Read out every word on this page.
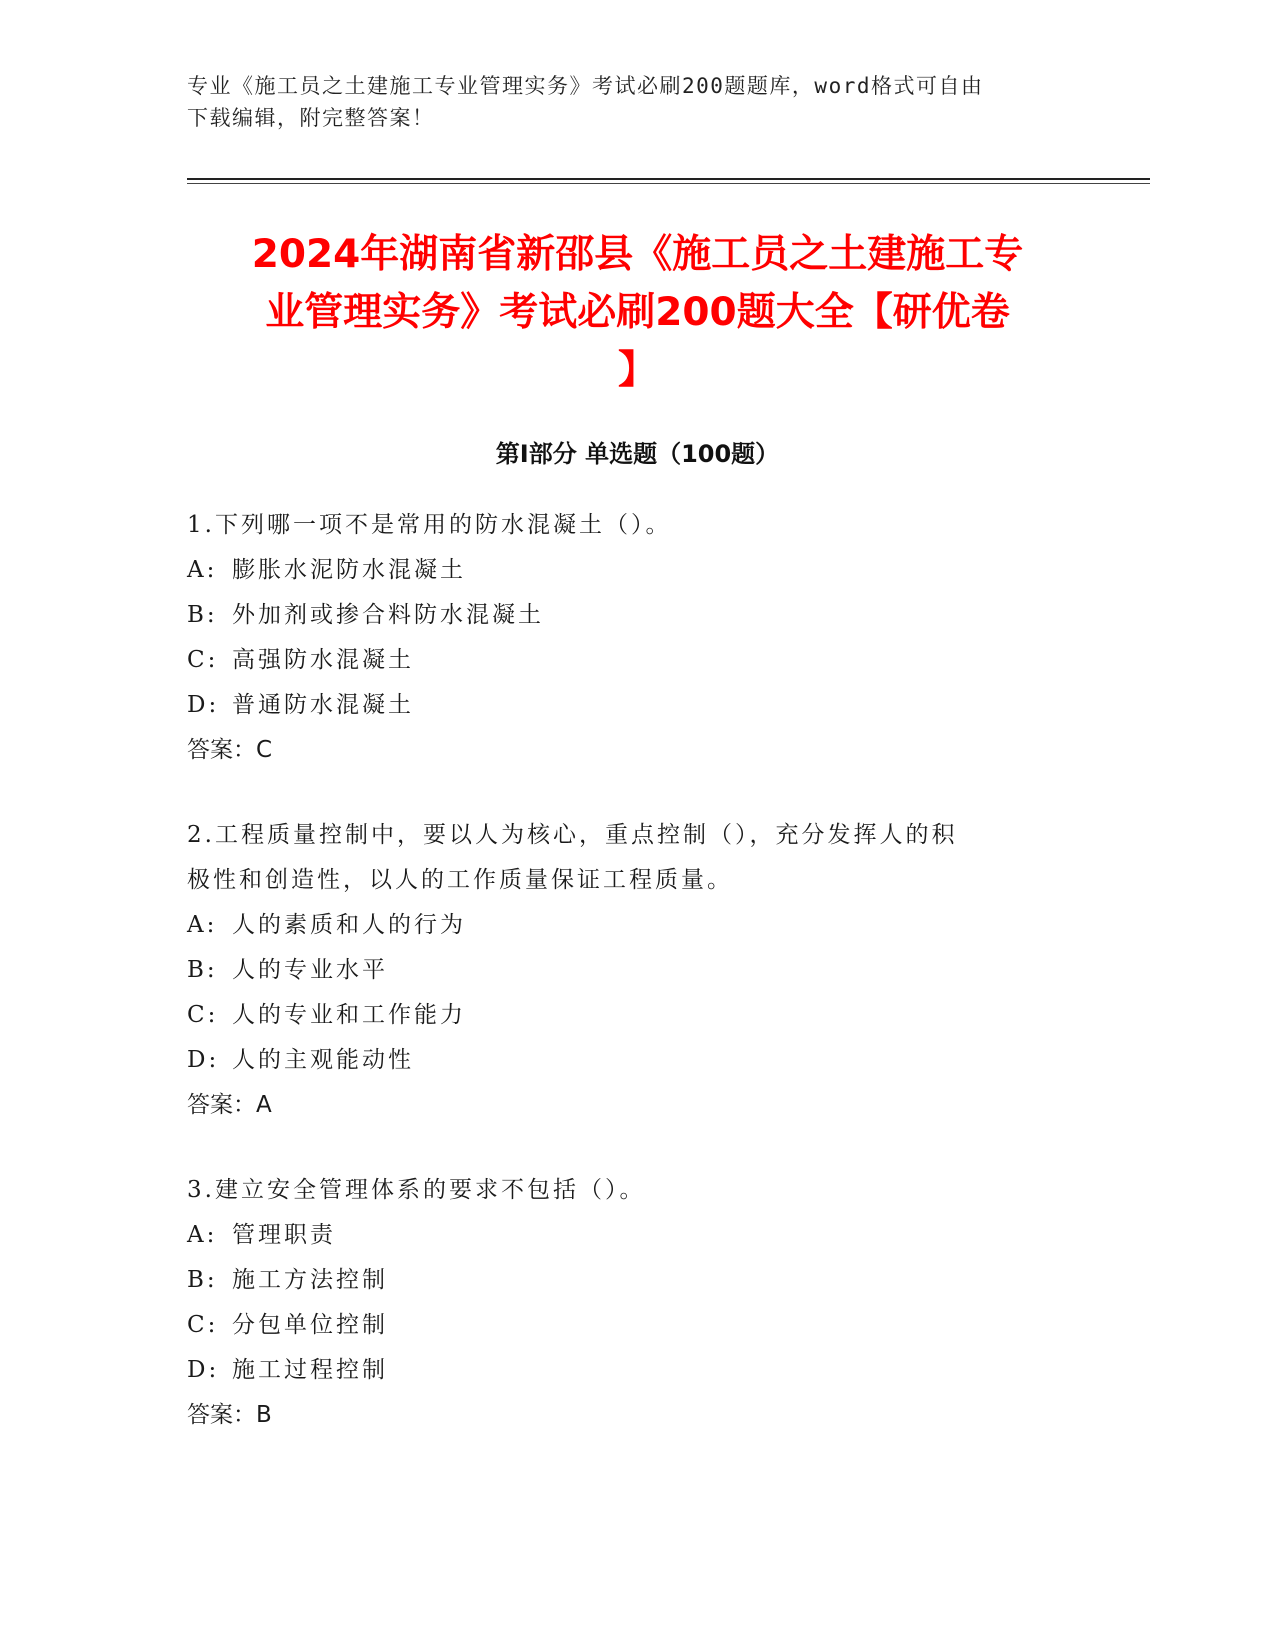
专业《施工员之土建施工专业管理实务》考试必刷200题题库，word格式可自由
下载编辑，附完整答案！
2024年湖南省新邵县《施工员之土建施工专
业管理实务》考试必刷200题大全【研优卷
】
第Ⅰ部分 单选题（100题）

1.下列哪一项不是常用的防水混凝土（）。

A: 膨胀水泥防水混凝土

B: 外加剂或掺合料防水混凝土

C: 高强防水混凝土

D: 普通防水混凝土

答案：C

2.工程质量控制中，要以人为核心，重点控制（），充分发挥人的积

极性和创造性，以人的工作质量保证工程质量。

A: 人的素质和人的行为

B: 人的专业水平

C: 人的专业和工作能力

D: 人的主观能动性

答案：A

3.建立安全管理体系的要求不包括（）。

A: 管理职责

B: 施工方法控制

C: 分包单位控制

D: 施工过程控制

答案：B
